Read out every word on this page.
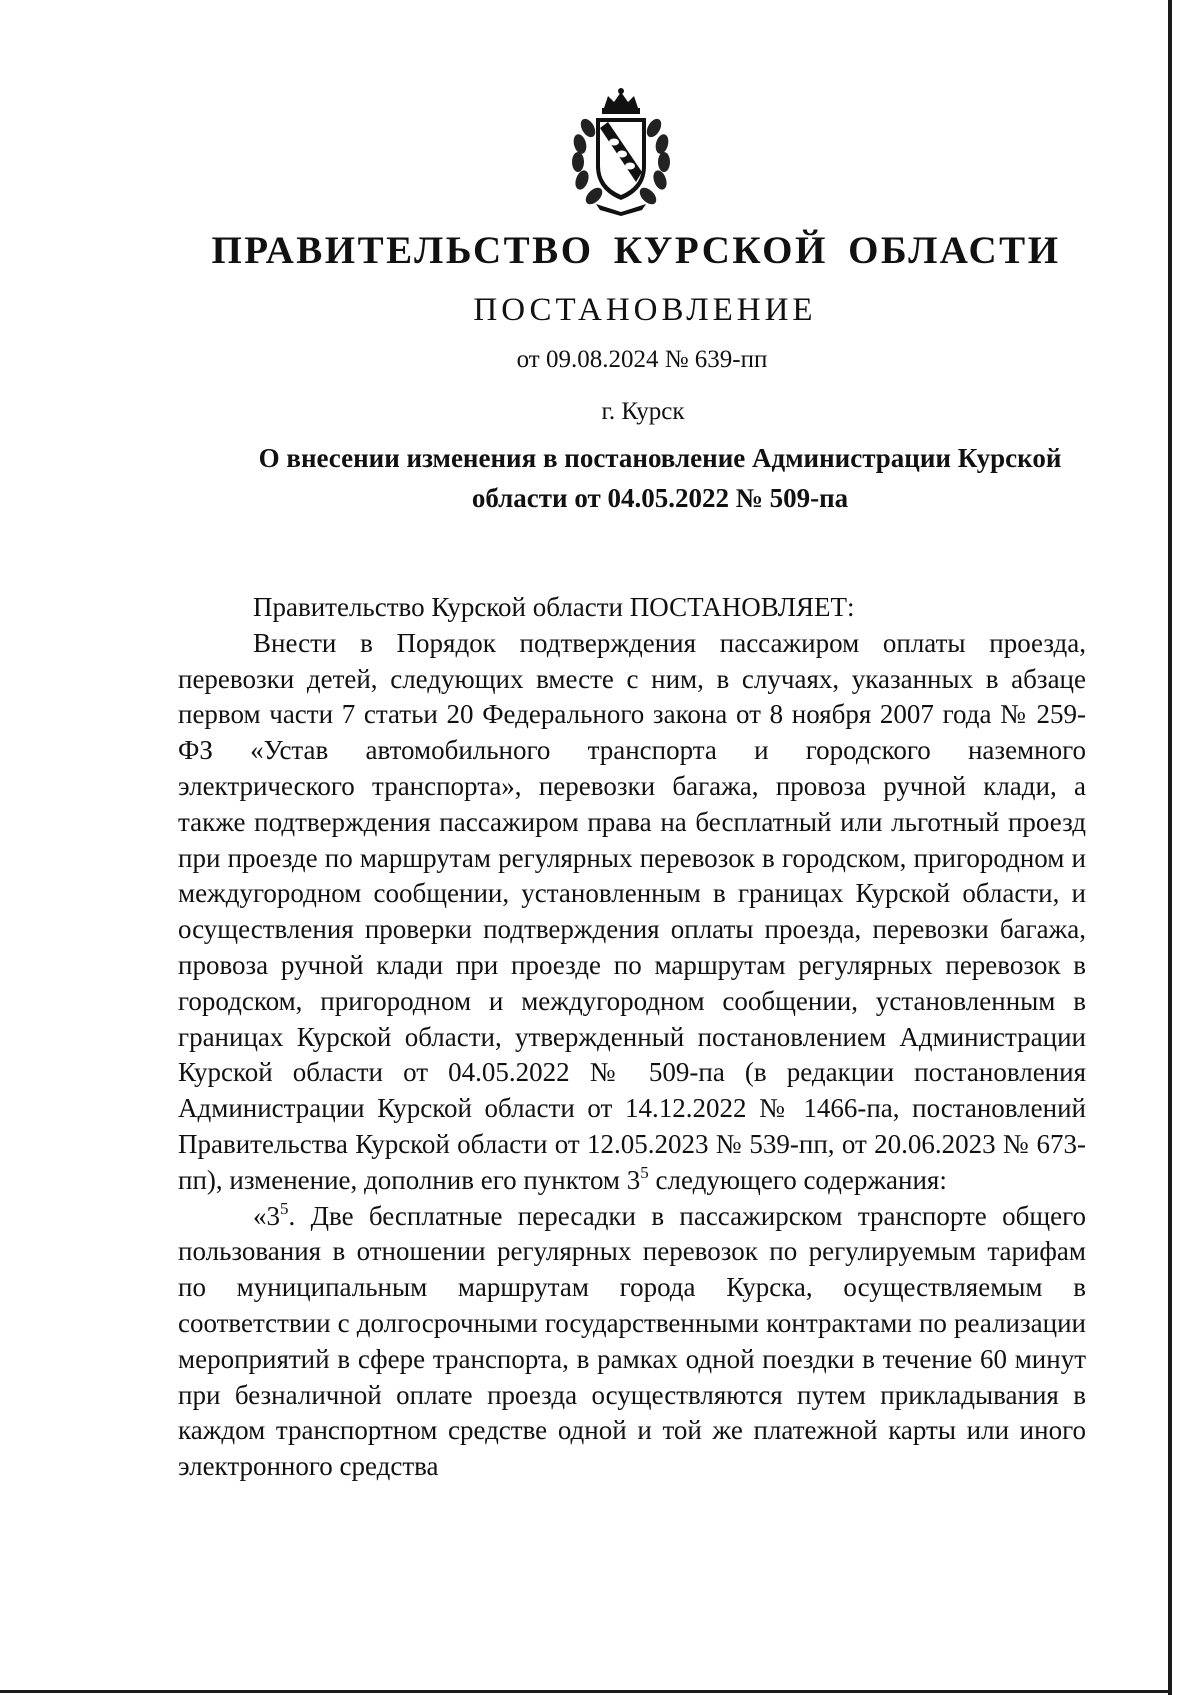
ПРАВИТЕЛЬСТВО КУРСКОЙ ОБЛАСТИ
ПОСТАНОВЛЕНИЕ
от 09.08.2024 № 639-пп
г. Курск
О внесении изменения в постановление Администрации Курской
области от 04.05.2022 № 509-па

Правительство Курской области ПОСТАНОВЛЯЕТ:

Внести в Порядок подтверждения пассажиром оплаты проезда, перевозки детей, следующих вместе с ним, в случаях, указанных в абзаце первом части 7 статьи 20 Федерального закона от 8 ноября 2007 года № 259-ФЗ «Устав автомобильного транспорта и городского наземного электрического транспорта», перевозки багажа, провоза ручной клади, а также подтверждения пассажиром права на бесплатный или льготный проезд при проезде по маршрутам регулярных перевозок в городском, пригородном и междугородном сообщении, установленным в границах Курской области, и осуществления проверки подтверждения оплаты проезда, перевозки багажа, провоза ручной клади при проезде по маршрутам регулярных перевозок в городском, пригородном и междугородном сообщении, установленным в границах Курской области, утвержденный постановлением Администрации Курской области от 04.05.2022 № 509-па (в редакции постановления Администрации Курской области от 14.12.2022 № 1466-па, постановлений Правительства Курской области от 12.05.2023 № 539-пп, от 20.06.2023 № 673-пп), изменение, дополнив его пунктом $3^5$ следующего содержания:

«$3^5$. Две бесплатные пересадки в пассажирском транспорте общего пользования в отношении регулярных перевозок по регулируемым тарифам по муниципальным маршрутам города Курска, осуществляемым в соответствии с долгосрочными государственными контрактами по реализации мероприятий в сфере транспорта, в рамках одной поездки в течение 60 минут при безналичной оплате проезда осуществляются путем прикладывания в каждом транспортном средстве одной и той же платежной карты или иного электронного средства
